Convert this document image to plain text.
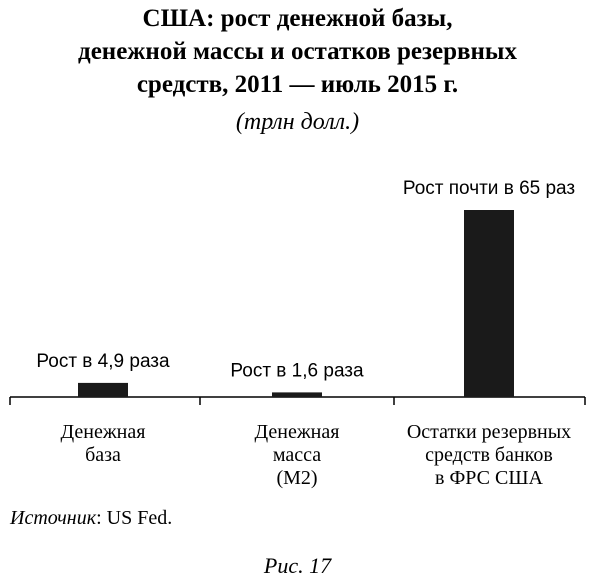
США: рост денежной базы,
денежной массы и остатков резервных
средств, 2011 — июль 2015 г.
(трлн долл.)
Рост в 4,9 раза	Рост в 1,6 раза
Рост почти в 65 раз
Денежная
база
Денежная
масса
(М2)
Остатки резервных
средств банков
в ФРС США
Источник: US Fed.
Рис. 17
